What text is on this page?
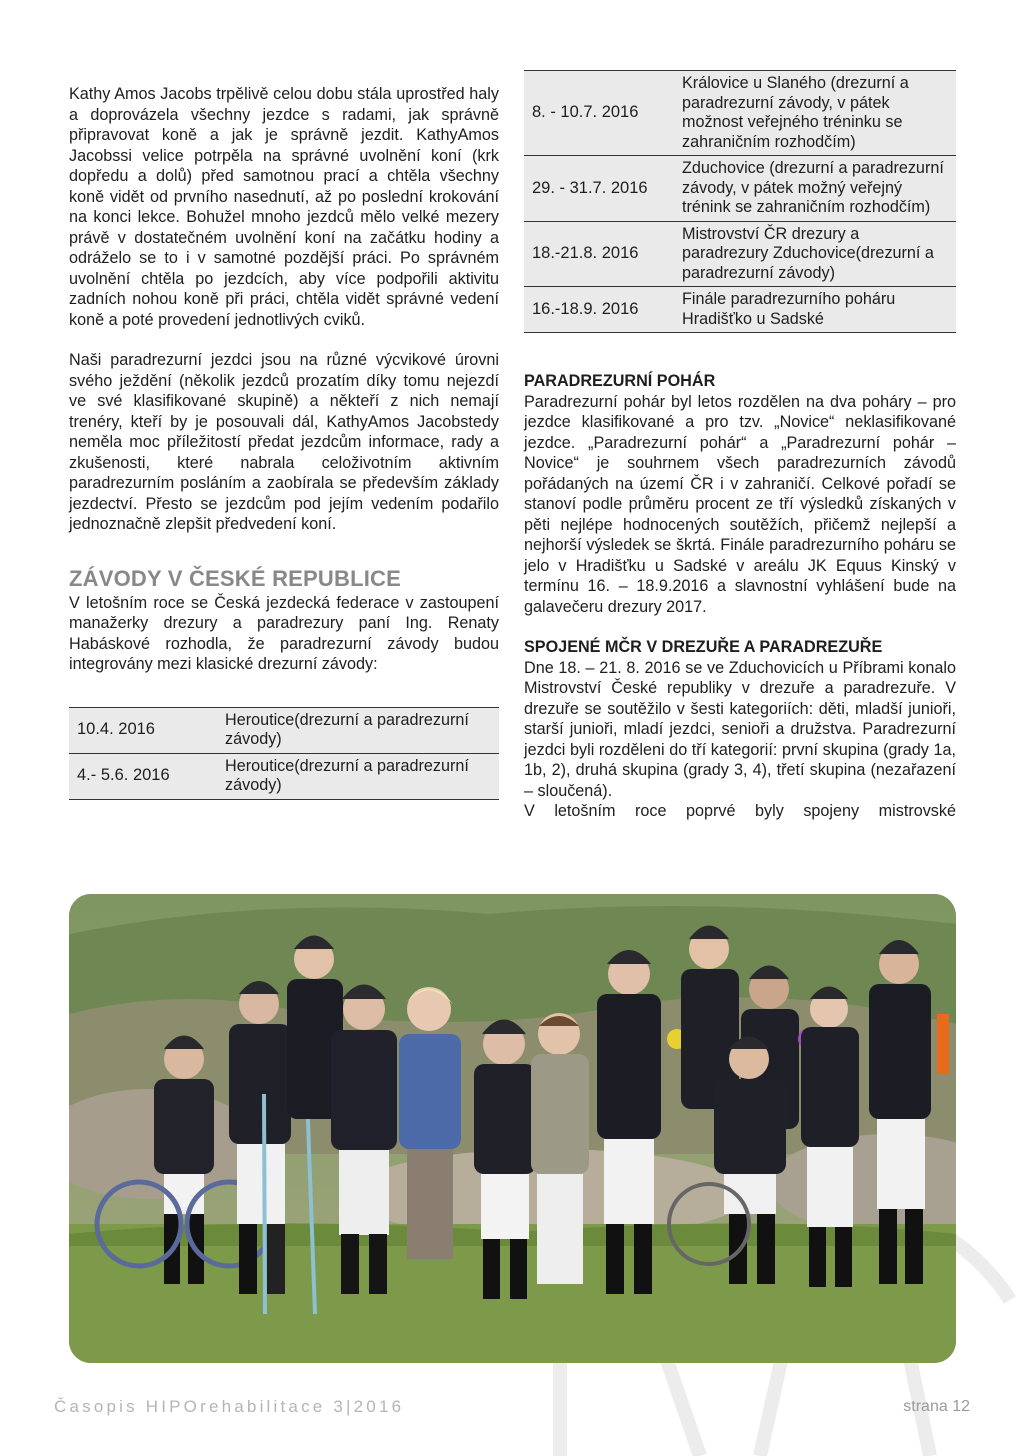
Kathy Amos Jacobs trpělivě celou dobu stála uprostřed haly a doprovázela všechny jezdce s radami, jak správně připravovat koně a jak je správně jezdit. KathyAmos Jacobssi velice potrpěla na správné uvolnění koní (krk dopředu a dolů) před samotnou prací a chtěla všechny koně vidět od prvního nasednutí, až po poslední krokování na konci lekce. Bohužel mnoho jezdců mělo velké mezery právě v dostatečném uvolnění koní na začátku hodiny a odráželo se to i v samotné pozdější práci. Po správném uvolnění chtěla po jezdcích, aby více podpořili aktivitu zadních nohou koně při práci, chtěla vidět správné vedení koně a poté provedení jednotlivých cviků.

Naši paradrezurní jezdci jsou na různé výcvikové úrovni svého ježdění (několik jezdců prozatím díky tomu nejezdí ve své klasifikované skupině) a někteří z nich nemají trenéry, kteří by je posouvali dál, KathyAmos Jacobstedy neměla moc příležitostí předat jezdcům informace, rady a zkušenosti, které nabrala celoživotním aktivním paradrezurním posláním a zaobírala se především základy jezdectví. Přesto se jezdcům pod jejím vedením podařilo jednoznačně zlepšit předvedení koní.

ZÁVODY V ČESKÉ REPUBLICE

V letošním roce se Česká jezdecká federace v zastoupení manažerky drezury a paradrezury paní Ing. Renaty Habáskové rozhodla, že paradrezurní závody budou integrovány mezi klasické drezurní závody:

10.4. 2016	Heroutice(drezurní a paradrezurní závody)
4.- 5.6. 2016	Heroutice(drezurní a paradrezurní závody)
8. - 10.7. 2016	Královice u Slaného (drezurní a paradrezurní závody, v pátek možnost veřejného tréninku se zahraničním rozhodčím)
29. - 31.7. 2016	Zduchovice (drezurní a paradrezurní závody, v pátek možný veřejný trénink se zahraničním rozhodčím)
18.-21.8. 2016	Mistrovství ČR drezury a paradrezury Zduchovice(drezurní a paradrezurní závody)
16.-18.9. 2016	Finále paradrezurního poháru Hradišťko u Sadské
PARADREZURNÍ POHÁR

Paradrezurní pohár byl letos rozdělen na dva poháry – pro jezdce klasifikované a pro tzv. „Novice“ neklasifikované jezdce. „Paradrezurní pohár“ a „Paradrezurní pohár – Novice“ je souhrnem všech paradrezurních závodů pořádaných na území ČR i v zahraničí. Celkové pořadí se stanoví podle průměru procent ze tří výsledků získaných v pěti nejlépe hodnocených soutěžích, přičemž nejlepší a nejhorší výsledek se škrtá. Finále paradrezurního poháru se jelo v Hradišťku u Sadské v areálu JK Equus Kinský v termínu 16. – 18.9.2016 a slavnostní vyhlášení bude na galavečeru drezury 2017.

SPOJENÉ MČR V DREZUŘE A PARADREZUŘE

Dne 18. – 21. 8. 2016 se ve Zduchovicích u Příbrami konalo Mistrovství České republiky v drezuře a paradrezuře. V drezuře se soutěžilo v šesti kategoriích: děti, mladší junioři, starší junioři, mladí jezdci, senioři a družstva. Paradrezurní jezdci byli rozděleni do tří kategorií: první skupina (grady 1a, 1b, 2), druhá skupina (grady 3, 4), třetí skupina (nezařazení – sloučená).

V letošním roce poprvé byly spojeny mistrovské

Časopis HIPOrehabilitace 3|2016	strana 12
